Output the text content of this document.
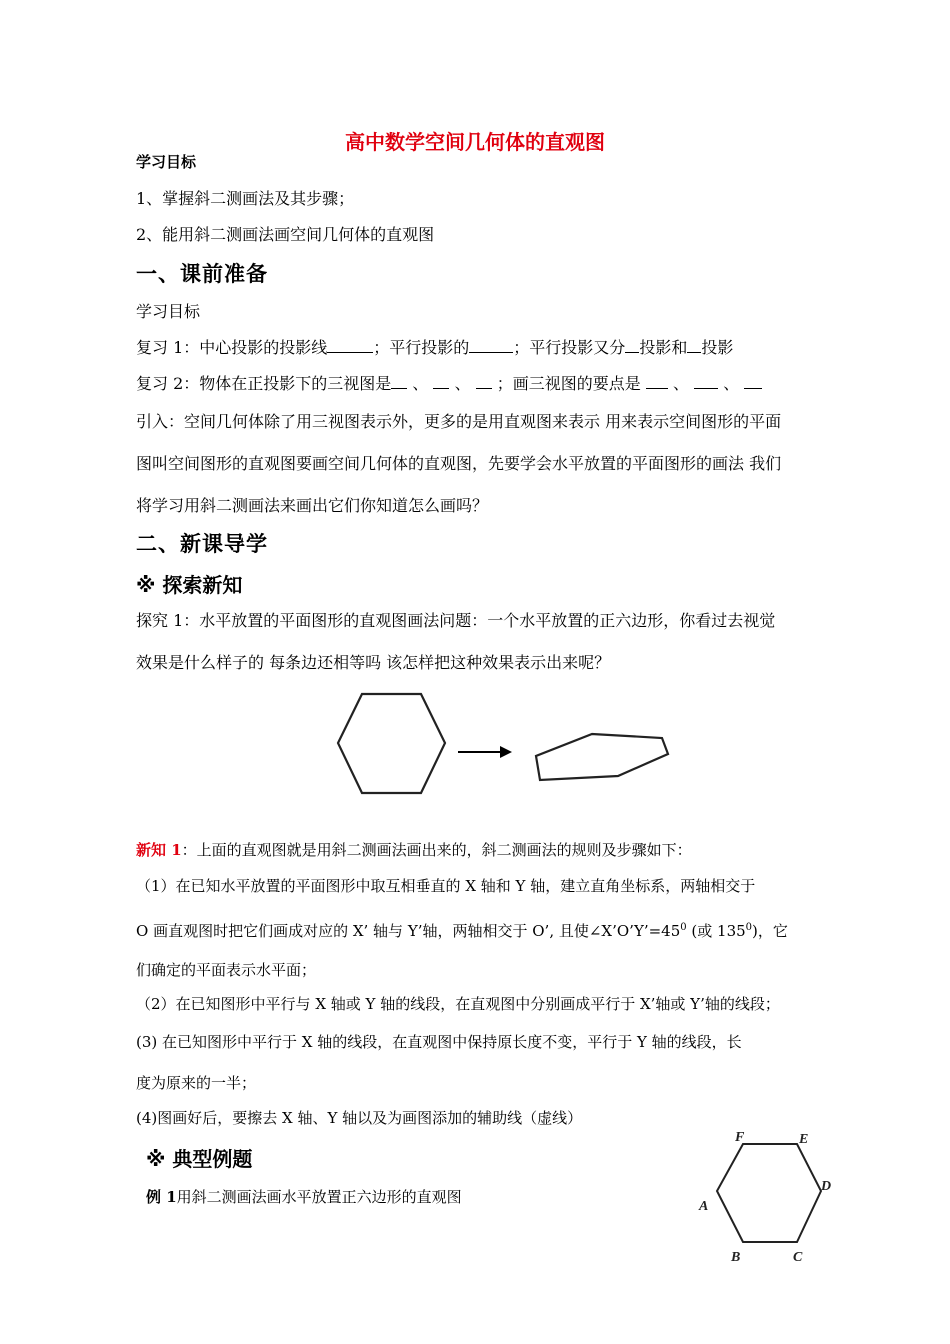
高中数学空间几何体的直观图
学习目标
1、掌握斜二测画法及其步骤；
2、能用斜二测画法画空间几何体的直观图
一、课前准备
学习目标
复习 1：中心投影的投影线	；平行投影的	；平行投影又分 投影和 投影
复习 2：物体在正投影下的三视图是 、 、 ；画三视图的要点是 、 、
引入：空间几何体除了用三视图表示外，更多的是用直观图来表示 用来表示空间图形的平面
图叫空间图形的直观图要画空间几何体的直观图，先要学会水平放置的平面图形的画法 我们
将学习用斜二测画法来画出它们你知道怎么画吗？
二、新课导学
※ 探索新知
探究 1：水平放置的平面图形的直观图画法问题：一个水平放置的正六边形，你看过去视觉
效果是什么样子的 每条边还相等吗 该怎样把这种效果表示出来呢？
新知 1：上面的直观图就是用斜二测画法画出来的，斜二测画法的规则及步骤如下：
（1）在已知水平放置的平面图形中取互相垂直的 X 轴和 Y 轴，建立直角坐标系，两轴相交于
O 画直观图时把它们画成对应的 X’ 轴与 Y’轴，两轴相交于 O’, 且使$\angle X’O’Y’=45^0$ (或 $135^0$)，它
们确定的平面表示水平面；
（2）在已知图形中平行与 X 轴或 Y 轴的线段，在直观图中分别画成平行于 X’轴或 Y’轴的线段；
(3) 在已知图形中平行于 X 轴的线段，在直观图中保持原长度不变，平行于 Y 轴的线段，长
度为原来的一半；
(4)图画好后，要擦去 X 轴、Y 轴以及为画图添加的辅助线（虚线）
※ 典型例题
例 1用斜二测画法画水平放置正六边形的直观图
A
B	C
D
E
F
